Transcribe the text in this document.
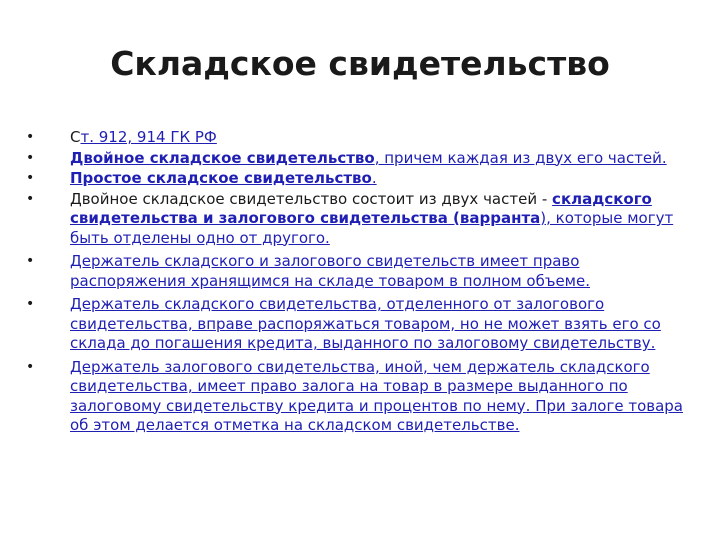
Складское свидетельство
• Ст. 912, 914 ГК РФ
• Двойное складское свидетельство, причем каждая из двух его частей.
• Простое складское свидетельство.
• Двойное складское свидетельство состоит из двух частей - складского свидетельства и залогового свидетельства (варранта), которые могут быть отделены одно от другого.
• Держатель складского и залогового свидетельств имеет право распоряжения хранящимся на складе товаром в полном объеме.
• Держатель складского свидетельства, отделенного от залогового свидетельства, вправе распоряжаться товаром, но не может взять его со склада до погашения кредита, выданного по залоговому свидетельству.
• Держатель залогового свидетельства, иной, чем держатель складского свидетельства, имеет право залога на товар в размере выданного по залоговому свидетельству кредита и процентов по нему. При залоге товара об этом делается отметка на складском свидетельстве.
